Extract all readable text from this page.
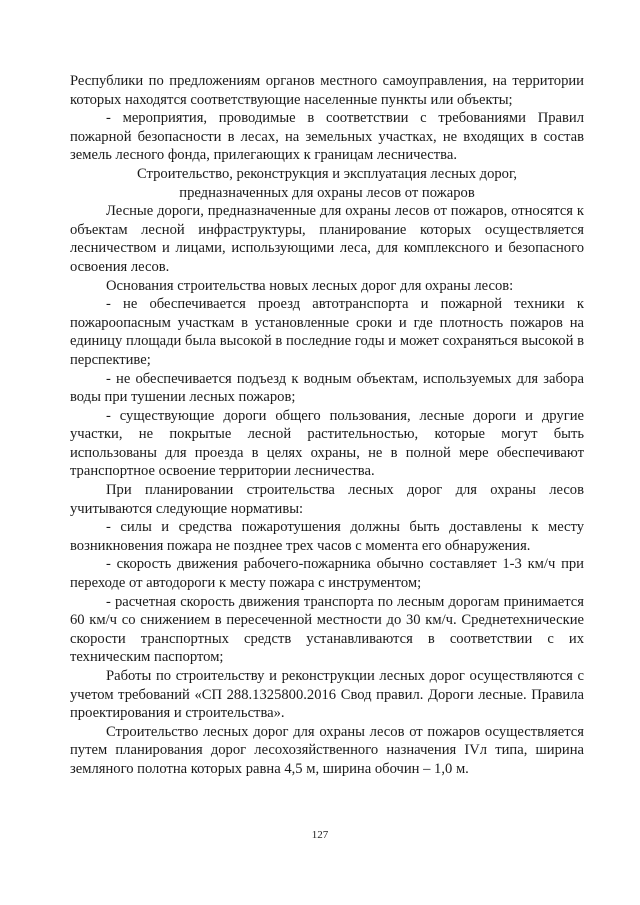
Республики по предложениям органов местного самоуправления, на территории которых находятся соответствующие населенные пункты или объекты;

- мероприятия, проводимые в соответствии с требованиями Правил пожарной безопасности в лесах, на земельных участках, не входящих в состав земель лесного фонда, прилегающих к границам лесничества.

Строительство, реконструкция и эксплуатация лесных дорог,
предназначенных для охраны лесов от пожаров

Лесные дороги, предназначенные для охраны лесов от пожаров, относятся к объектам лесной инфраструктуры, планирование которых осуществляется лесничеством и лицами, использующими леса, для комплексного и безопасного освоения лесов.

Основания строительства новых лесных дорог для охраны лесов:

- не обеспечивается проезд автотранспорта и пожарной техники к пожароопасным участкам в установленные сроки и где плотность пожаров на единицу площади была высокой в последние годы и может сохраняться высокой в перспективе;

- не обеспечивается подъезд к водным объектам, используемых для забора воды при тушении лесных пожаров;

- существующие дороги общего пользования, лесные дороги и другие участки, не покрытые лесной растительностью, которые могут быть использованы для проезда в целях охраны, не в полной мере обеспечивают транспортное освоение территории лесничества.

При планировании строительства лесных дорог для охраны лесов учитываются следующие нормативы:

- силы и средства пожаротушения должны быть доставлены к месту возникновения пожара не позднее трех часов с момента его обнаружения.

- скорость движения рабочего-пожарника обычно составляет 1-3 км/ч при переходе от автодороги к месту пожара с инструментом;

- расчетная скорость движения транспорта по лесным дорогам принимается 60 км/ч со снижением в пересеченной местности до 30 км/ч. Среднетехнические скорости транспортных средств устанавливаются в соответствии с их техническим паспортом;

Работы по строительству и реконструкции лесных дорог осуществляются с учетом требований «СП 288.1325800.2016 Свод правил. Дороги лесные. Правила проектирования и строительства».

Строительство лесных дорог для охраны лесов от пожаров осуществляется путем планирования дорог лесохозяйственного назначения IVл типа, ширина земляного полотна которых равна 4,5 м, ширина обочин – 1,0 м.

127
